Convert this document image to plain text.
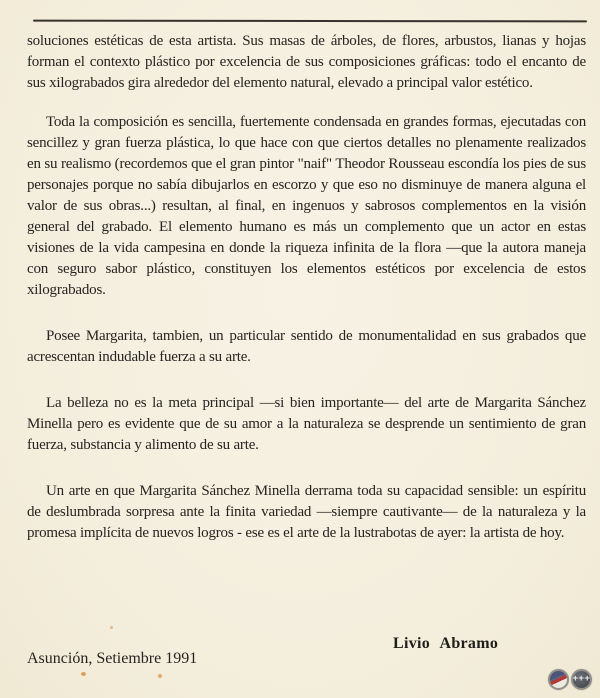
soluciones estéticas de esta artista. Sus masas de árboles, de flores, arbustos, lianas y hojas forman el contexto plástico por excelencia de sus composiciones gráficas: todo el encanto de sus xilograbados gira alrededor del elemento natural, elevado a principal valor estético.

Toda la composición es sencilla, fuertemente condensada en grandes formas, ejecutadas con sencillez y gran fuerza plástica, lo que hace con que ciertos detalles no plenamente realizados en su realismo (recordemos que el gran pintor "naif" Theodor Rousseau escondía los pies de sus personajes porque no sabía dibujarlos en escorzo y que eso no disminuye de manera alguna el valor de sus obras...) resultan, al final, en ingenuos y sabrosos complementos en la visión general del grabado. El elemento humano es más un complemento que un actor en estas visiones de la vida campesina en donde la riqueza infinita de la flora —que la autora maneja con seguro sabor plástico, constituyen los elementos estéticos por excelencia de estos xilograbados.

Posee Margarita, tambien, un particular sentido de monumentalidad en sus grabados que acrescentan indudable fuerza a su arte.

La belleza no es la meta principal —si bien importante— del arte de Margarita Sánchez Minella pero es evidente que de su amor a la naturaleza se desprende un sentimiento de gran fuerza, substancia y alimento de su arte.

Un arte en que Margarita Sánchez Minella derrama toda su capacidad sensible: un espíritu de deslumbrada sorpresa ante la finita variedad —siempre cautivante— de la naturaleza y la promesa implícita de nuevos logros - ese es el arte de la lustrabotas de ayer: la artista de hoy.

Livio Abramo
Asunción, Setiembre 1991
+++
